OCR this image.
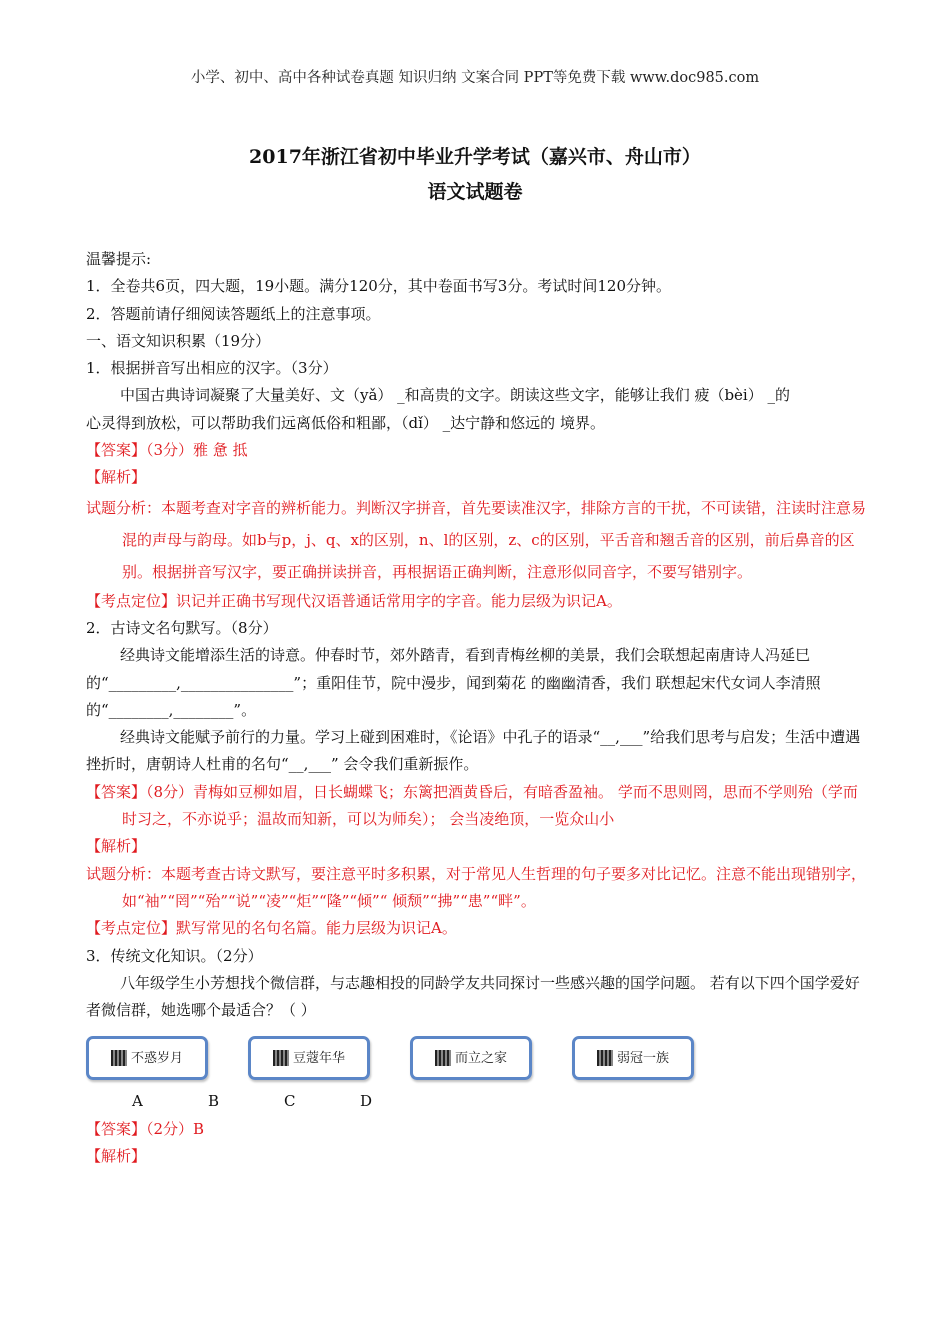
小学、初中、高中各种试卷真题 知识归纳 文案合同 PPT等免费下载 www.doc985.com
2017年浙江省初中毕业升学考试（嘉兴市、舟山市）
语文试题卷

温馨提示:

1．全卷共6页，四大题，19小题。满分120分，其中卷面书写3分。考试时间120分钟。

2．答题前请仔细阅读答题纸上的注意事项。

一、语文知识积累（19分）

1．根据拼音写出相应的汉字。（3分）

中国古典诗词凝聚了大量美好、文（yǎ） _和高贵的文字。朗读这些文字，能够让我们 疲（bèi） _的

心灵得到放松，可以帮助我们远离低俗和粗鄙，（dǐ） _达宁静和悠远的 境界。

【答案】（3分）雅 惫 抵

【解析】

试题分析：本题考查对字音的辨析能力。判断汉字拼音，首先要读准汉字，排除方言的干扰，不可读错，注读时注意易混的声母与韵母。如b与p，j、q、x的区别，n、l的区别，z、c的区别，平舌音和翘舌音的区别，前后鼻音的区别。根据拼音写汉字，要正确拼读拼音，再根据语正确判断，注意形似同音字，不要写错别字。

【考点定位】识记并正确书写现代汉语普通话常用字的字音。能力层级为识记A。

2．古诗文名句默写。（8分）

经典诗文能增添生活的诗意。仲春时节，郊外踏青，看到青梅丝柳的美景，我们会联想起南唐诗人冯延巳的“_________,_______________”；重阳佳节，院中漫步，闻到菊花 的幽幽清香，我们 联想起宋代女词人李清照的“________,________”。

经典诗文能赋予前行的力量。学习上碰到困难时，《论语》中孔子的语录“__,___”给我们思考与启发；生活中遭遇挫折时，唐朝诗人杜甫的名句“__,___” 会令我们重新振作。

【答案】（8分）青梅如豆柳如眉，日长蝴蝶飞；东篱把酒黄昏后，有暗香盈袖。 学而不思则罔，思而不学则殆（学而时习之，不亦说乎；温故而知新，可以为师矣）； 会当凌绝顶，一览众山小

【解析】

试题分析：本题考查古诗文默写，要注意平时多积累，对于常见人生哲理的句子要多对比记忆。注意不能出现错别字，如“袖”“罔”“殆”“说”“凌”“炬”“隆”“倾”“ 倾颓”“拂”“患”“畔”。

【考点定位】默写常见的名句名篇。能力层级为识记A。

3．传统文化知识。（2分）

八年级学生小芳想找个微信群，与志趣相投的同龄学友共同探讨一些感兴趣的国学问题。 若有以下四个国学爱好者微信群，她选哪个最适合？（ ）

不惑岁月	豆蔻年华	而立之家	弱冠一族
A	B	C	D

【答案】（2分）B

【解析】
